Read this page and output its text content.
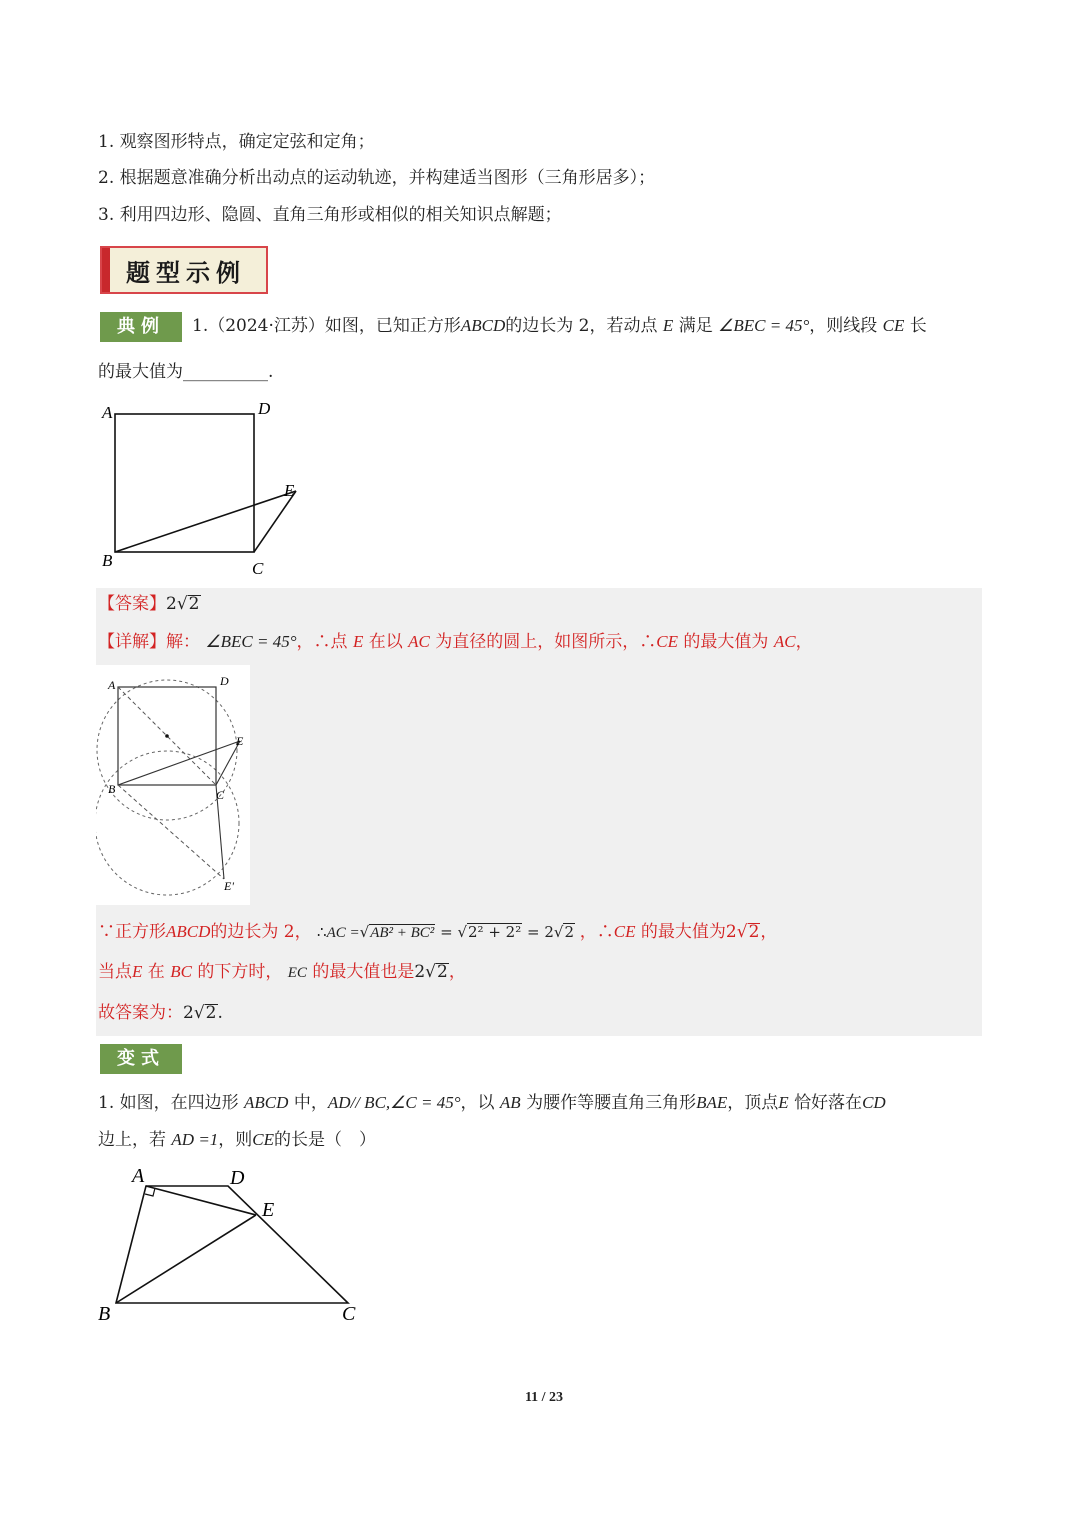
1. 观察图形特点，确定定弦和定角；
2. 根据题意准确分析出动点的运动轨迹，并构建适当图形（三角形居多）；
3. 利用四边形、隐圆、直角三角形或相似的相关知识点解题；
题型示例
典例	1.（2024·江苏）如图，已知正方形ABCD的边长为 2，若动点 E 满足 ∠BEC = 45°，则线段 CE 长
的最大值为__________.
A	D
E
B	C
【答案】2√2
【详解】解： ∠BEC = 45°，∴点 E 在以 AC 为直径的圆上，如图所示，∴CE 的最大值为 AC，
A	D
E
B	C
E'
∵正方形ABCD的边长为 2， ∴AC =√AB² + BC² = √2² + 2² = 2√2 ，∴CE 的最大值为2√2，
当点E 在 BC 的下方时， EC 的最大值也是2√2，
故答案为：2√2.
变式
1. 如图，在四边形 ABCD 中，AD// BC,∠C = 45°，以 AB 为腰作等腰直角三角形BAE，顶点E 恰好落在CD
边上，若 AD =1，则CE的长是（　）
A	D
E
B	C
11 / 23
